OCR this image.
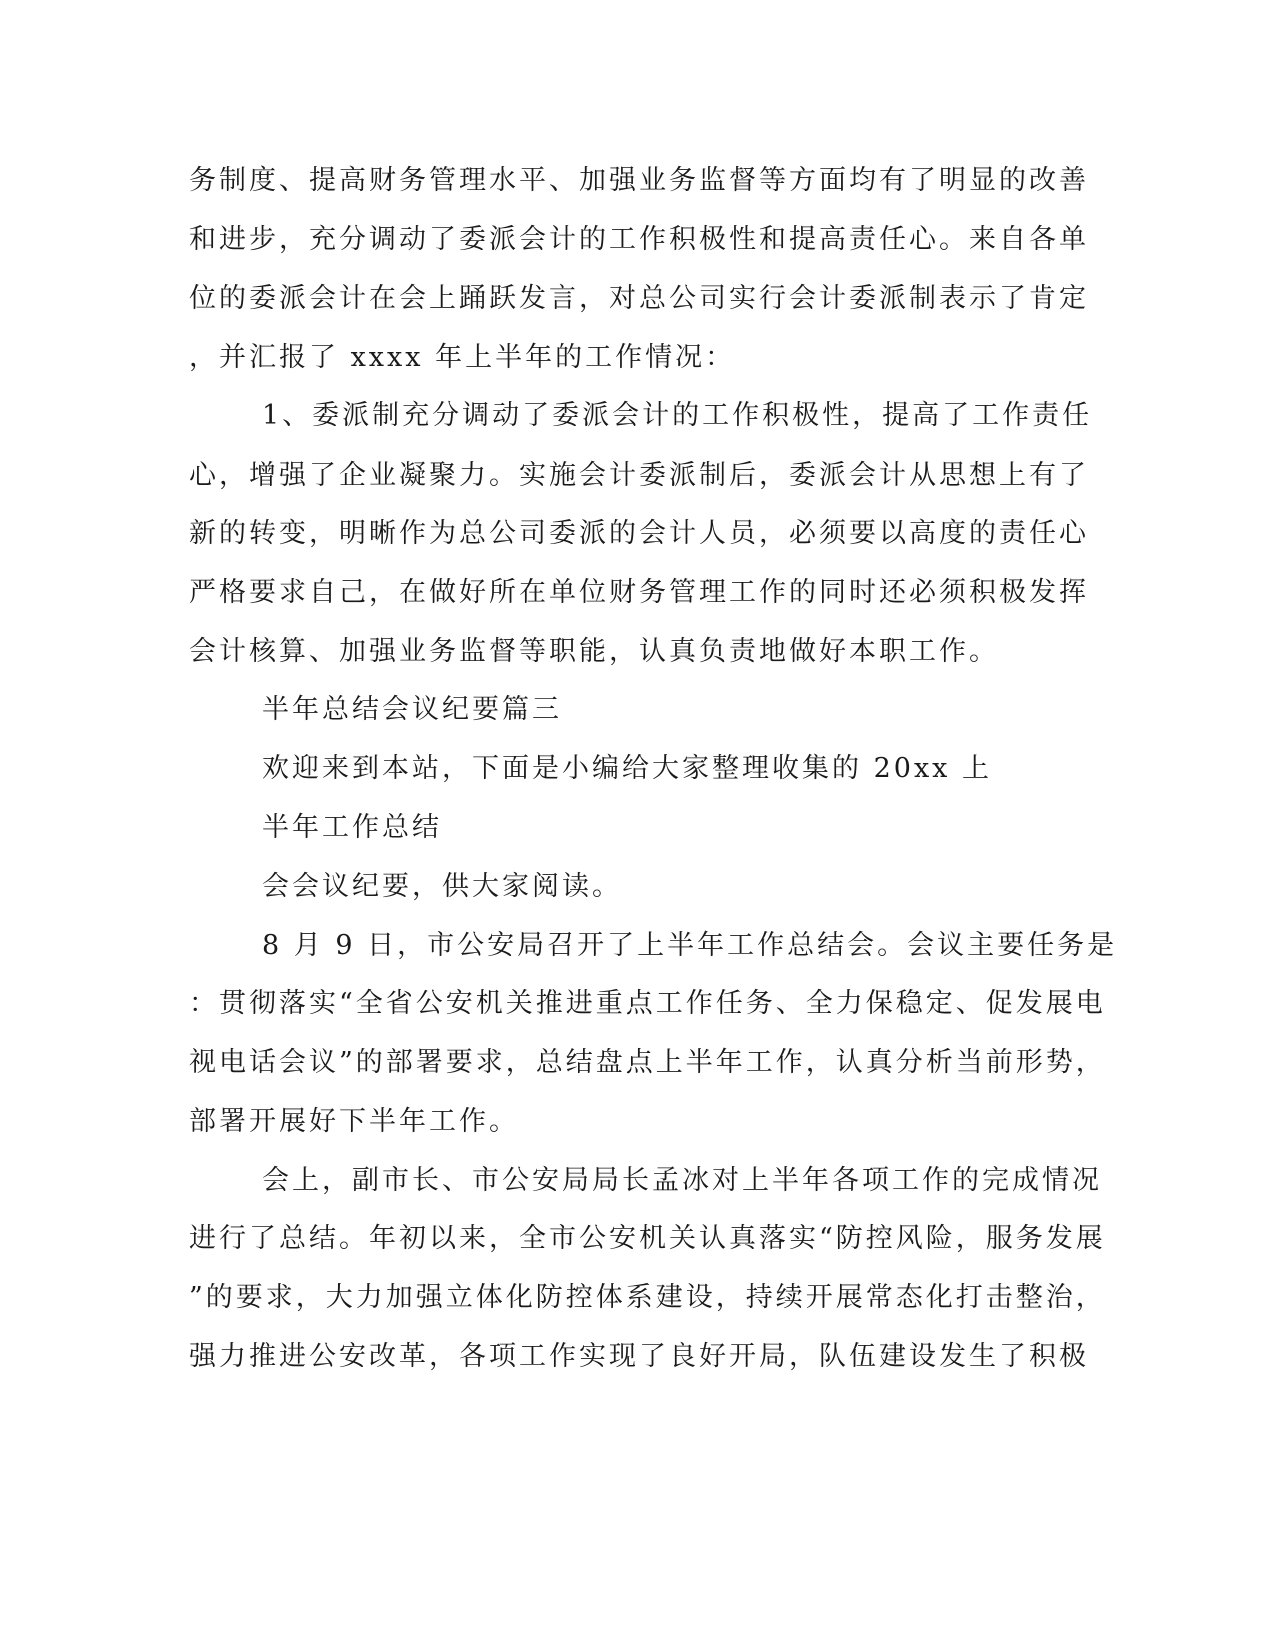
务制度、提高财务管理水平、加强业务监督等方面均有了明显的改善

和进步，充分调动了委派会计的工作积极性和提高责任心。来自各单

位的委派会计在会上踊跃发言，对总公司实行会计委派制表示了肯定

，并汇报了 xxxx 年上半年的工作情况：

1、委派制充分调动了委派会计的工作积极性，提高了工作责任

心，增强了企业凝聚力。实施会计委派制后，委派会计从思想上有了

新的转变，明晰作为总公司委派的会计人员，必须要以高度的责任心

严格要求自己，在做好所在单位财务管理工作的同时还必须积极发挥

会计核算、加强业务监督等职能，认真负责地做好本职工作。

半年总结会议纪要篇三

欢迎来到本站，下面是小编给大家整理收集的 20xx 上

半年工作总结

会会议纪要，供大家阅读。

8 月 9 日，市公安局召开了上半年工作总结会。会议主要任务是

：贯彻落实“全省公安机关推进重点工作任务、全力保稳定、促发展电

视电话会议”的部署要求，总结盘点上半年工作，认真分析当前形势，

部署开展好下半年工作。

会上，副市长、市公安局局长孟冰对上半年各项工作的完成情况

进行了总结。年初以来，全市公安机关认真落实“防控风险，服务发展

”的要求，大力加强立体化防控体系建设，持续开展常态化打击整治，

强力推进公安改革，各项工作实现了良好开局，队伍建设发生了积极
